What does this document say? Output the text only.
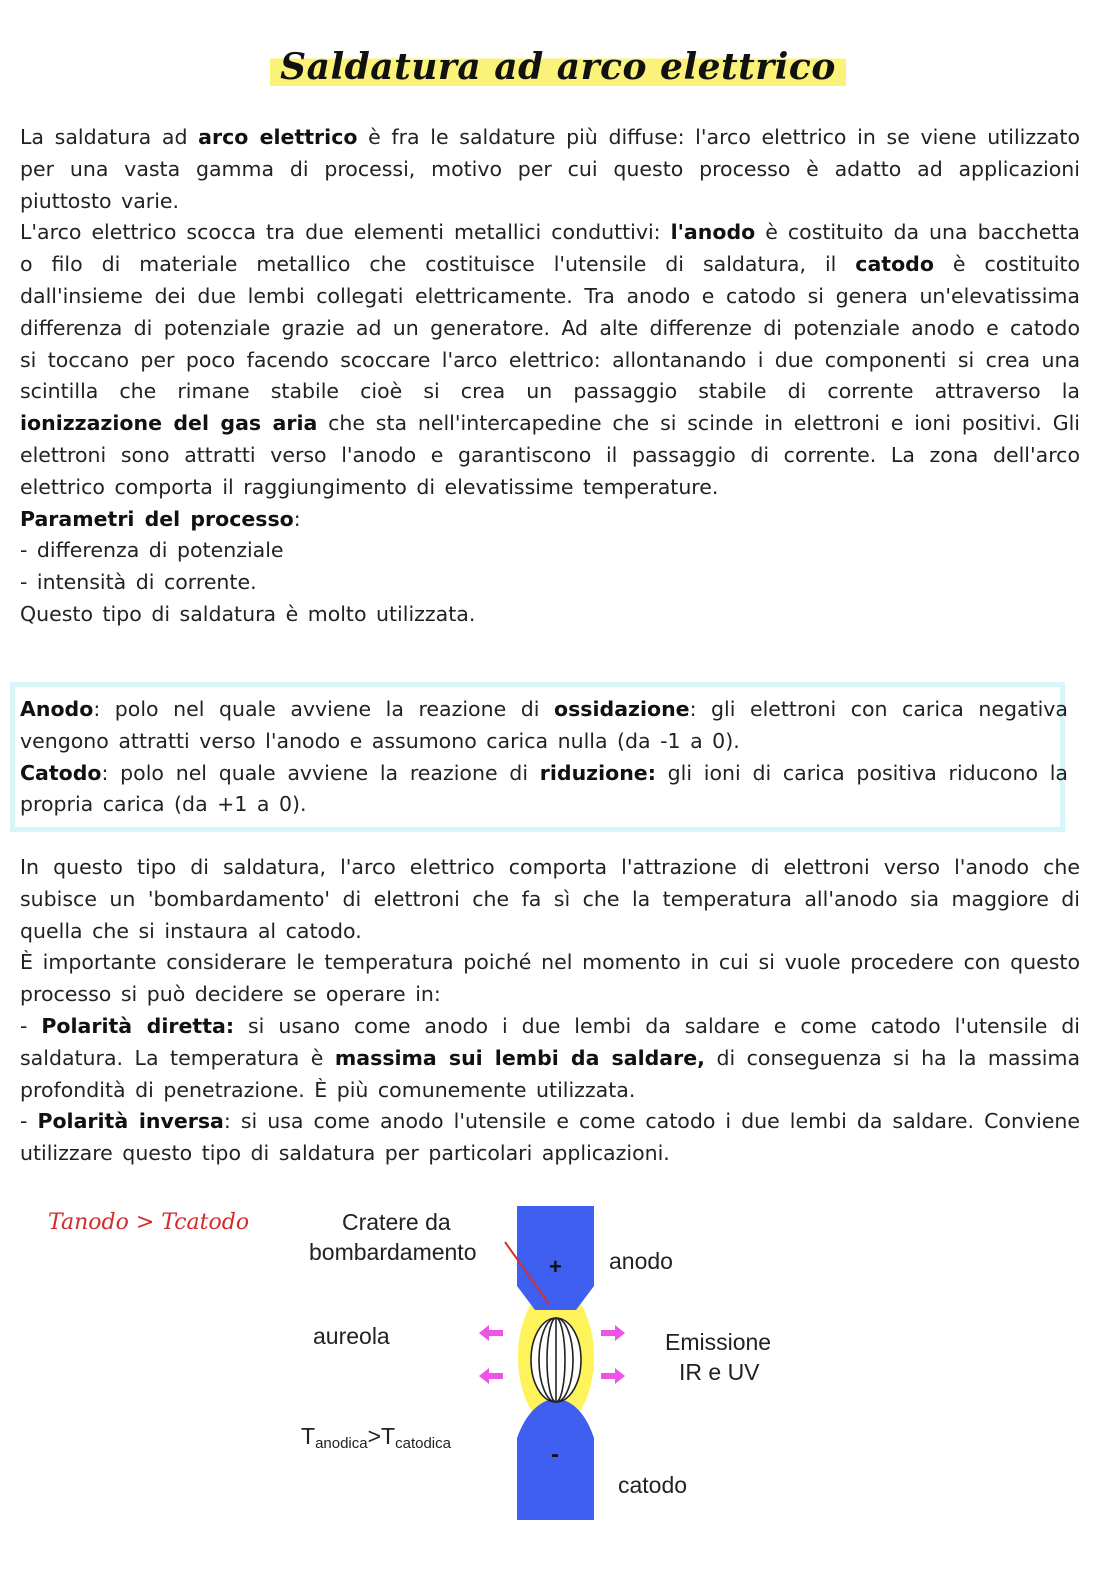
Saldatura ad arco elettrico

La saldatura ad arco elettrico è fra le saldature più diffuse: l'arco elettrico in se viene utilizzato per una vasta gamma di processi, motivo per cui questo processo è adatto ad applicazioni piuttosto varie.

L'arco elettrico scocca tra due elementi metallici conduttivi: l'anodo è costituito da una bacchetta o filo di materiale metallico che costituisce l'utensile di saldatura, il catodo è costituito dall'insieme dei due lembi collegati elettricamente. Tra anodo e catodo si genera un'elevatissima differenza di potenziale grazie ad un generatore. Ad alte differenze di potenziale anodo e catodo si toccano per poco facendo scoccare l'arco elettrico: allontanando i due componenti si crea una scintilla che rimane stabile cioè si crea un passaggio stabile di corrente attraverso la ionizzazione del gas aria che sta nell'intercapedine che si scinde in elettroni e ioni positivi. Gli elettroni sono attratti verso l'anodo e garantiscono il passaggio di corrente. La zona dell'arco elettrico comporta il raggiungimento di elevatissime temperature.

Parametri del processo:

- differenza di potenziale

- intensità di corrente.

Questo tipo di saldatura è molto utilizzata.

Anodo: polo nel quale avviene la reazione di ossidazione: gli elettroni con carica negativa vengono attratti verso l'anodo e assumono carica nulla (da -1 a 0).

Catodo: polo nel quale avviene la reazione di riduzione: gli ioni di carica positiva riducono la propria carica (da +1 a 0).

In questo tipo di saldatura, l'arco elettrico comporta l'attrazione di elettroni verso l'anodo che subisce un 'bombardamento' di elettroni che fa sì che la temperatura all'anodo sia maggiore di quella che si instaura al catodo.

È importante considerare le temperatura poiché nel momento in cui si vuole procedere con questo processo si può decidere se operare in:

- Polarità diretta: si usano come anodo i due lembi da saldare e come catodo l'utensile di saldatura. La temperatura è massima sui lembi da saldare, di conseguenza si ha la massima profondità di penetrazione. È più comunemente utilizzata.

- Polarità inversa: si usa come anodo l'utensile e come catodo i due lembi da saldare. Conviene utilizzare questo tipo di saldatura per particolari applicazioni.

Tanodo > Tcatodo	Cratere da
bombardamento
+ anodo
aureola	Emissione
IR e UV
Tanodica>Tcatodica	-
catodo
